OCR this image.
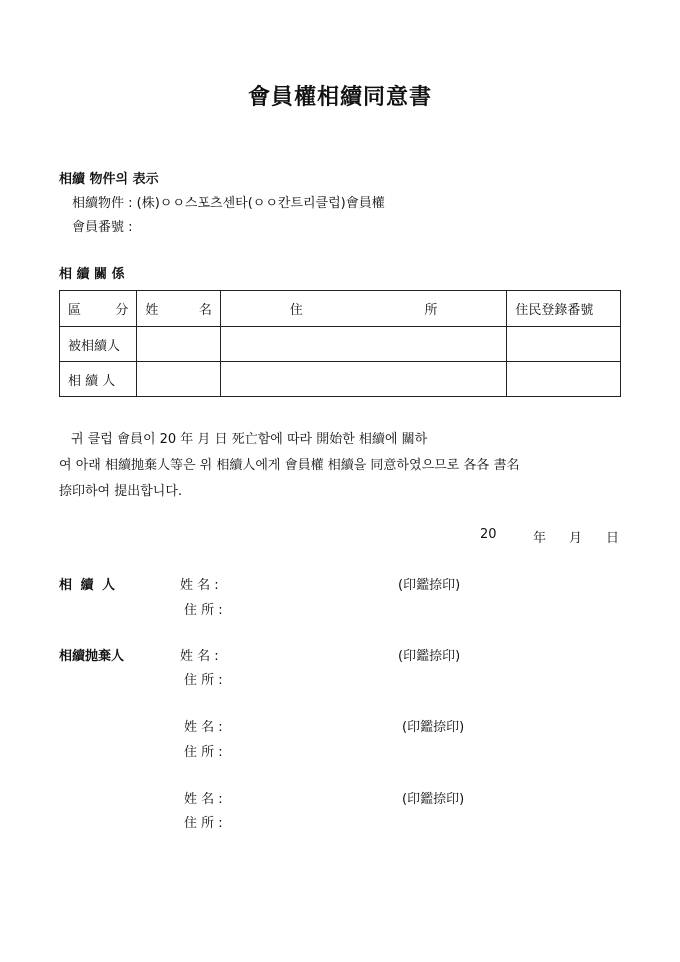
會員權相續同意書
相續 物件의 表示
相續物件 : (株)ㅇㅇ스포츠센타(ㅇㅇ칸트리클럽)會員權
會員番號 :
相 續 關 係
區 分	姓 名	住 所	住民登錄番號
被相續人			
相 續 人			
귀 클럽 會員이 20 年 月 日 死亡함에 따라 開始한 相續에 關하
여 아래 相續抛棄人等은 위 相續人에게 會員權 相續을 同意하였으므로 各各 書名
捺印하여 提出합니다.
20	年 月 日
相 續 人	姓 名 :	(印鑑捺印)
住 所 :
相續抛棄人	姓 名 :	(印鑑捺印)
住 所 :
姓 名 :	(印鑑捺印)
住 所 :
姓 名 :	(印鑑捺印)
住 所 :
